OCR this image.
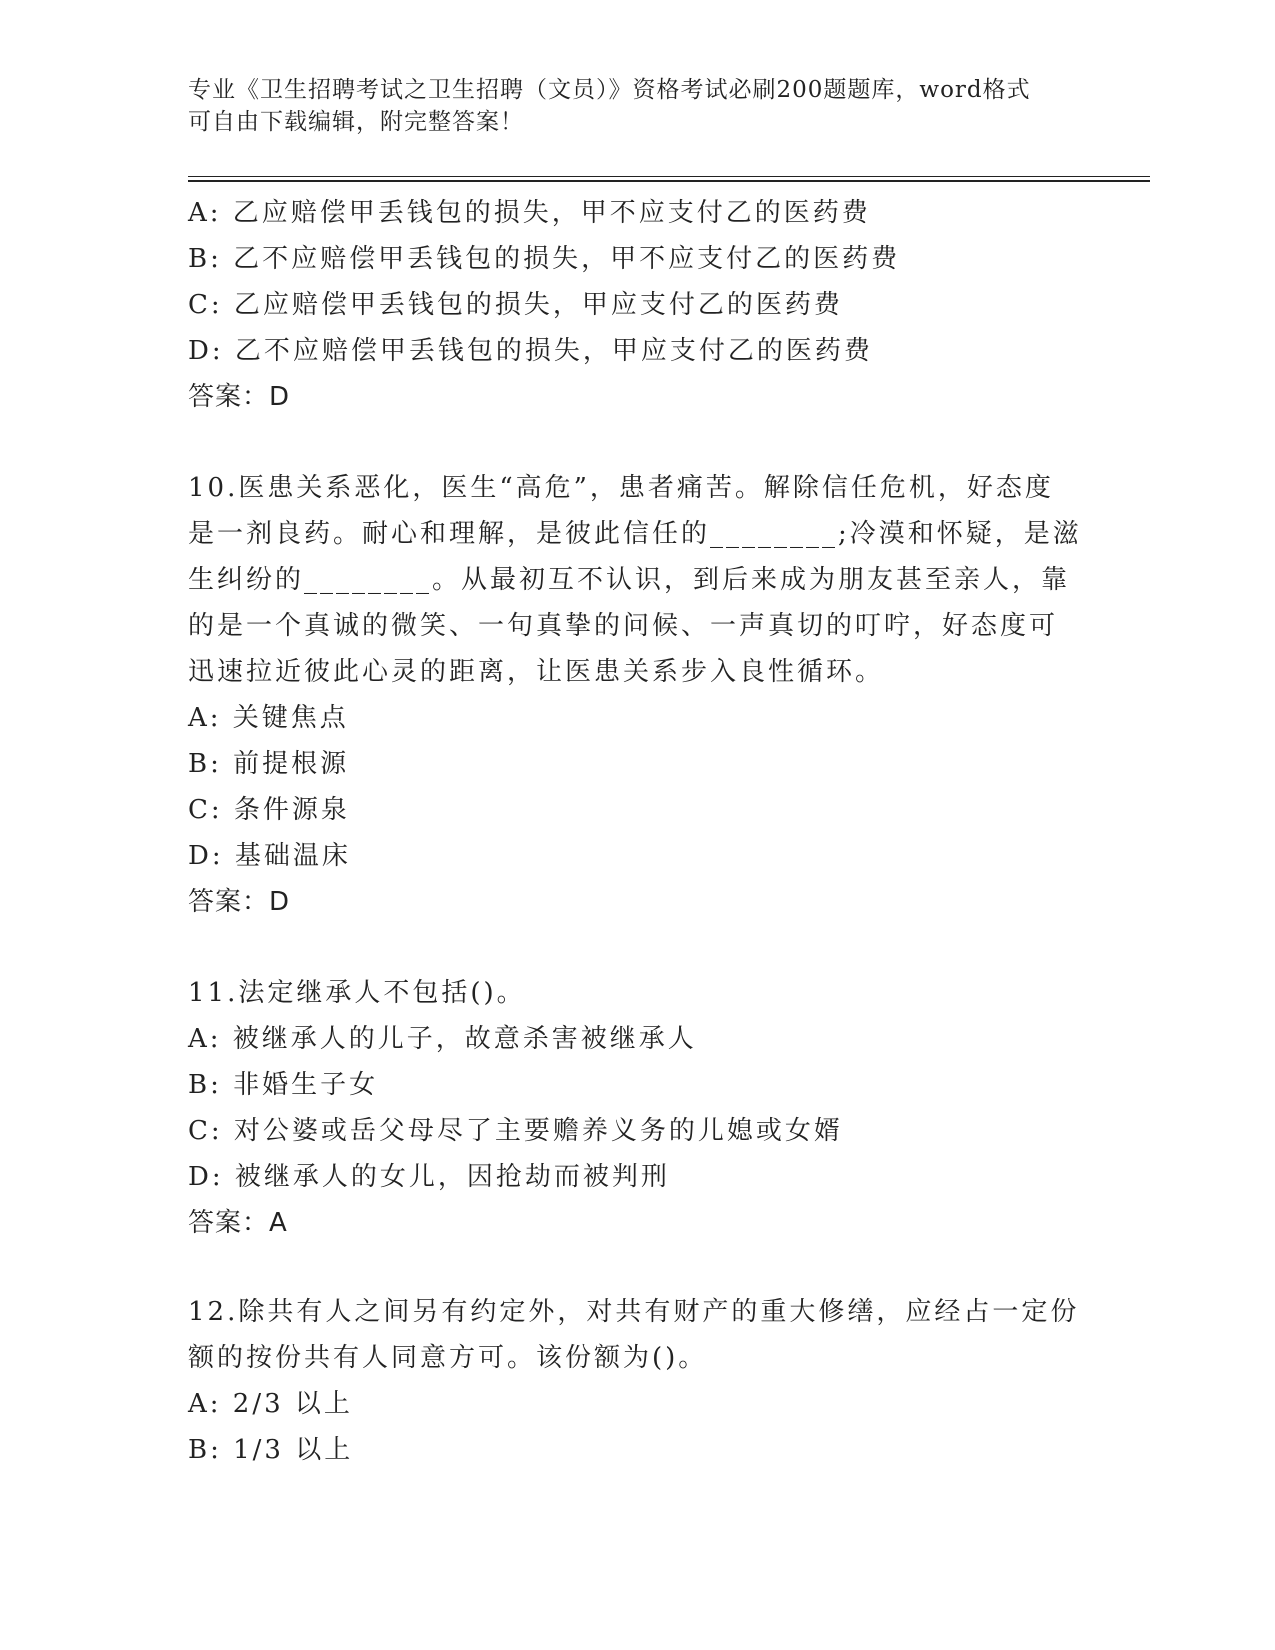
专业《卫生招聘考试之卫生招聘（文员）》资格考试必刷200题题库，word格式
可自由下载编辑，附完整答案！
A: 乙应赔偿甲丢钱包的损失，甲不应支付乙的医药费
B: 乙不应赔偿甲丢钱包的损失，甲不应支付乙的医药费
C: 乙应赔偿甲丢钱包的损失，甲应支付乙的医药费
D: 乙不应赔偿甲丢钱包的损失，甲应支付乙的医药费
答案：D
10.医患关系恶化，医生“高危”，患者痛苦。解除信任危机，好态度
是一剂良药。耐心和理解，是彼此信任的________;冷漠和怀疑，是滋
生纠纷的________。从最初互不认识，到后来成为朋友甚至亲人，靠
的是一个真诚的微笑、一句真挚的问候、一声真切的叮咛，好态度可
迅速拉近彼此心灵的距离，让医患关系步入良性循环。
A: 关键焦点
B: 前提根源
C: 条件源泉
D: 基础温床
答案：D
11.法定继承人不包括()。
A: 被继承人的儿子，故意杀害被继承人
B: 非婚生子女
C: 对公婆或岳父母尽了主要赡养义务的儿媳或女婿
D: 被继承人的女儿，因抢劫而被判刑
答案：A
12.除共有人之间另有约定外，对共有财产的重大修缮，应经占一定份
额的按份共有人同意方可。该份额为()。
A: 2/3 以上
B: 1/3 以上
